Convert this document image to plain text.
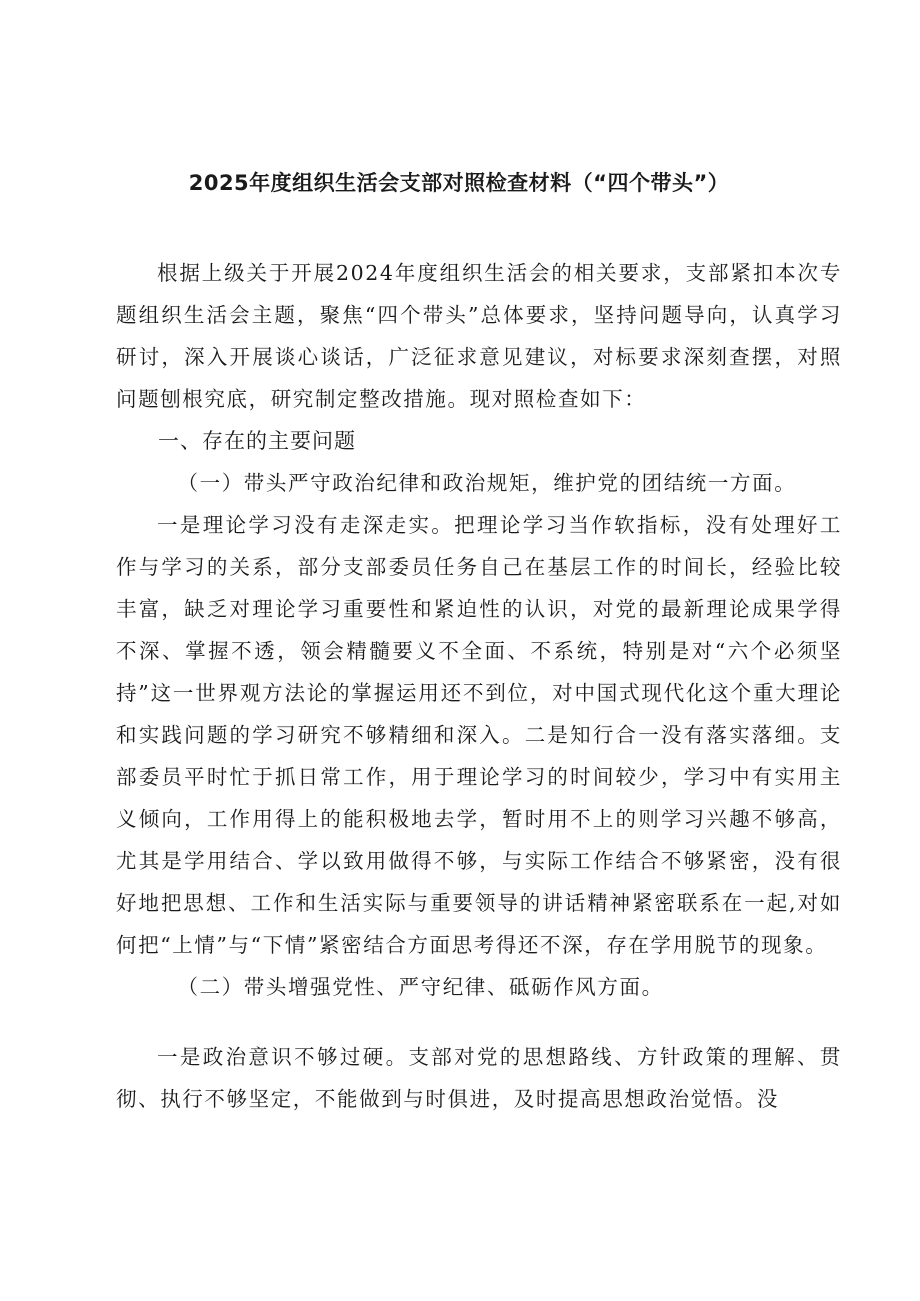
2025年度组织生活会支部对照检查材料（“四个带头”）

根据上级关于开展2024年度组织生活会的相关要求，支部紧扣本次专题组织生活会主题，聚焦“四个带头”总体要求，坚持问题导向，认真学习研讨，深入开展谈心谈话，广泛征求意见建议，对标要求深刻查摆，对照问题刨根究底，研究制定整改措施。现对照检查如下：

一、存在的主要问题

（一）带头严守政治纪律和政治规矩，维护党的团结统一方面。

一是理论学习没有走深走实。把理论学习当作软指标，没有处理好工作与学习的关系，部分支部委员任务自己在基层工作的时间长，经验比较丰富，缺乏对理论学习重要性和紧迫性的认识，对党的最新理论成果学得不深、掌握不透，领会精髓要义不全面、不系统，特别是对“六个必须坚持”这一世界观方法论的掌握运用还不到位，对中国式现代化这个重大理论和实践问题的学习研究不够精细和深入。二是知行合一没有落实落细。支部委员平时忙于抓日常工作，用于理论学习的时间较少，学习中有实用主义倾向，工作用得上的能积极地去学，暂时用不上的则学习兴趣不够高，尤其是学用结合、学以致用做得不够，与实际工作结合不够紧密，没有很好地把思想、工作和生活实际与重要领导的讲话精神紧密联系在一起,对如何把“上情”与“下情”紧密结合方面思考得还不深，存在学用脱节的现象。

（二）带头增强党性、严守纪律、砥砺作风方面。

一是政治意识不够过硬。支部对党的思想路线、方针政策的理解、贯彻、执行不够坚定，不能做到与时俱进，及时提高思想政治觉悟。没
